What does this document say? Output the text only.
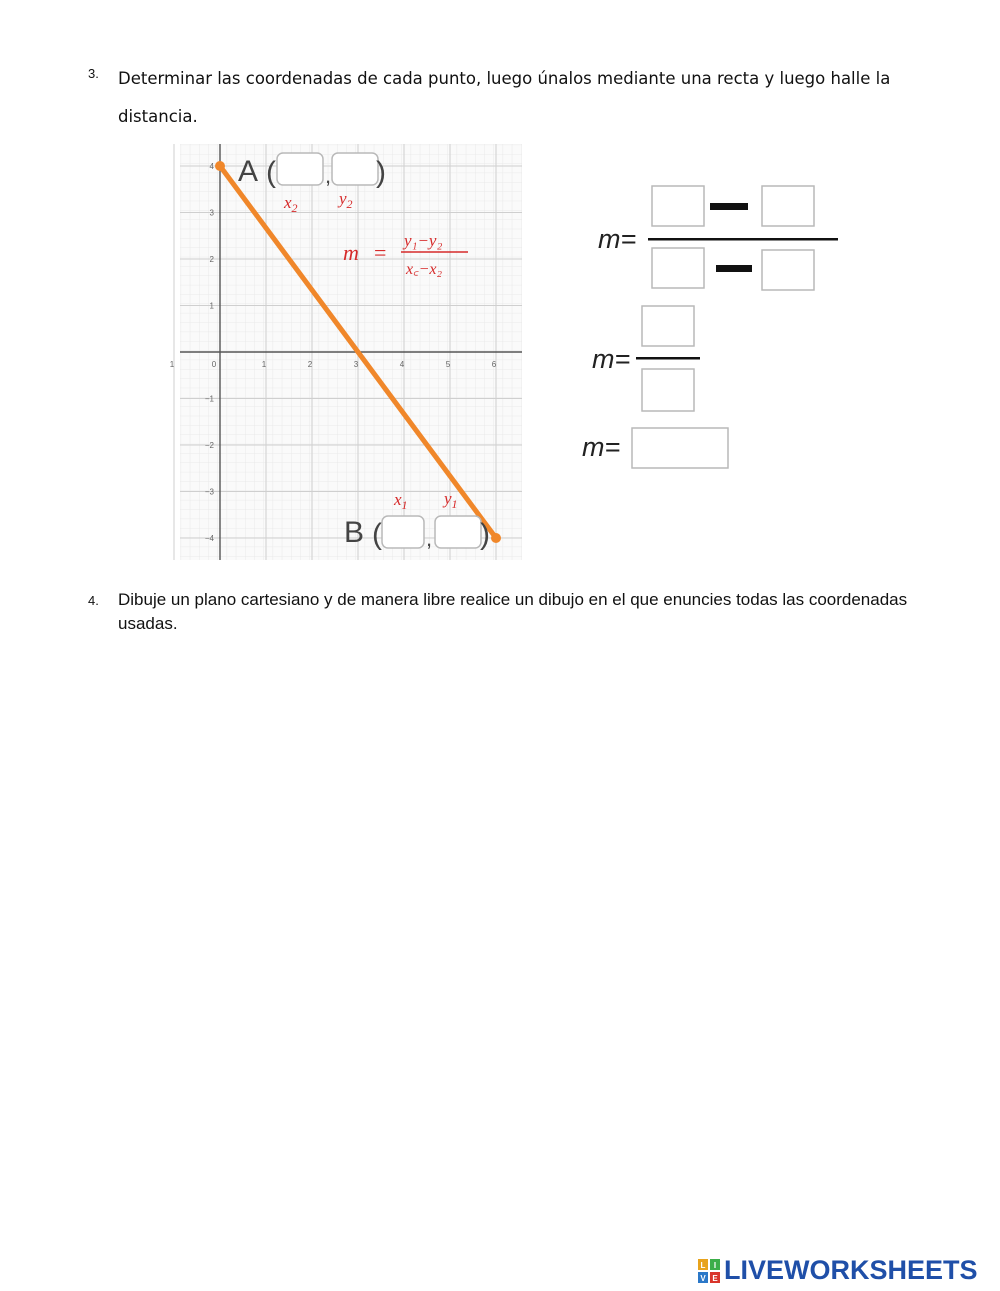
3. Determinar las coordenadas de cada punto, luego únalos mediante una recta y luego halle la distancia.
1	0	1	2	3	4	5	6
4
3
2
1
−1
−2
−3
−4
A ( , )
$x_2$ $y_2$
m = y₁−y₂
x꜀−x₂
$x_1$ $y_1$
B ( , )
m=
m=
m=
4. Dibuje un plano cartesiano y de manera libre realice un dibujo en el que enuncies todas las coordenadas usadas.
L I
V E LIVEWORKSHEETS
